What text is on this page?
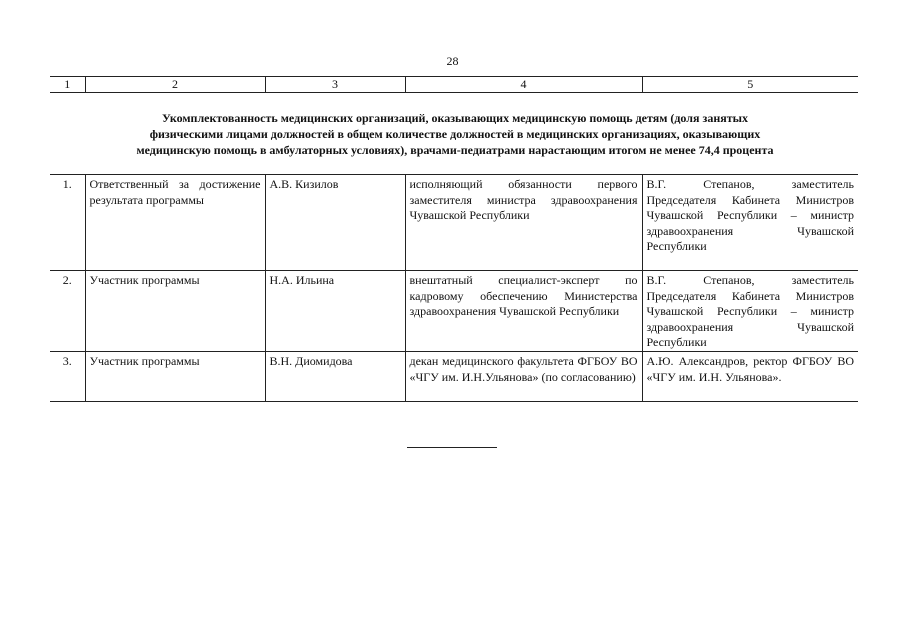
28
1	2	3	4	5
Укомплектованность медицинских организаций, оказывающих медицинскую помощь детям (доля занятых
физическими лицами должностей в общем количестве должностей в медицинских организациях, оказывающих
медицинскую помощь в амбулаторных условиях), врачами-педиатрами нарастающим итогом не менее 74,4 процента
1.	Ответственный за достижение результата программы	А.В. Кизилов	исполняющий обязанности первого заместителя министра здравоохранения Чувашской Республики	В.Г. Степанов, заместитель Председателя Кабинета Министров Чувашской Республики – министр здравоохранения Чувашской Республики
2.	Участник программы	Н.А. Ильина	внештатный специалист-эксперт по кадровому обеспечению Министерства здравоохранения Чувашской Республики	В.Г. Степанов, заместитель Председателя Кабинета Министров Чувашской Республики – министр здравоохранения Чувашской Республики
3.	Участник программы	В.Н. Диомидова	декан медицинского факультета ФГБОУ ВО «ЧГУ им. И.Н.Ульянова» (по согласованию)	А.Ю. Александров, ректор ФГБОУ ВО «ЧГУ им. И.Н. Ульянова».
